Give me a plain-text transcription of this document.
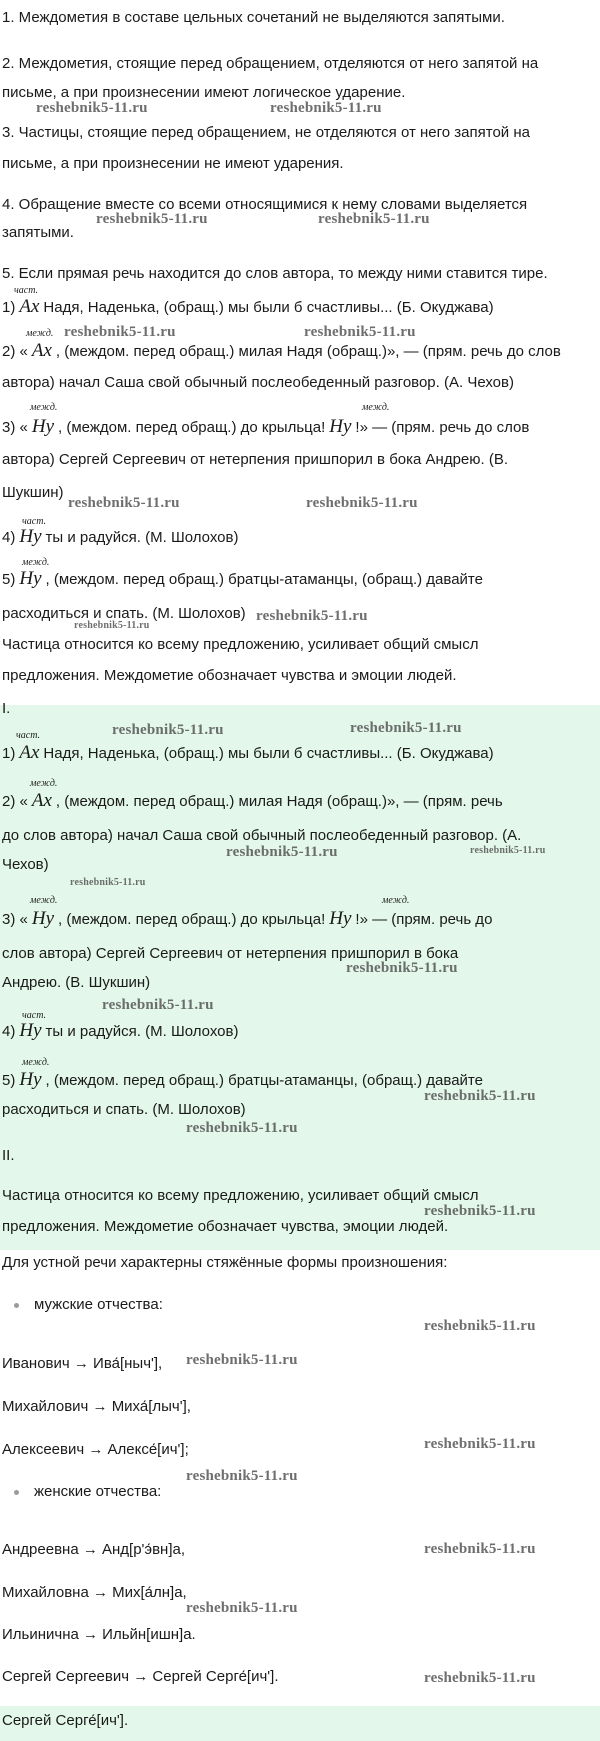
1. Междометия в составе цельных сочетаний не выделяются запятыми.
2. Междометия, стоящие перед обращением, отделяются от него запятой на
письме, а при произнесении имеют логическое ударение.
3. Частицы, стоящие перед обращением, не отделяются от него запятой на
письме, а при произнесении не имеют ударения.
4. Обращение вместе со всеми относящимися к нему словами выделяется
запятыми.
5. Если прямая речь находится до слов автора, то между ними ставится тире.
част.
1) Ах Надя, Наденька, (обращ.) мы были б счастливы... (Б. Окуджава)
межд.
2) « Ах , (междом. перед обращ.) милая Надя (обращ.)», — (прям. речь до слов
автора) начал Саша свой обычный послеобеденный разговор. (А. Чехов)
межд.	межд.
3) « Ну , (междом. перед обращ.) до крыльца! Ну !» — (прям. речь до слов
автора) Сергей Сергеевич от нетерпения пришпорил в бока Андрею. (В.
Шукшин)
част.
4) Ну ты и радуйся. (М. Шолохов)
межд.
5) Ну , (междом. перед обращ.) братцы-атаманцы, (обращ.) давайте
расходиться и спать. (М. Шолохов)
Частица относится ко всему предложению, усиливает общий смысл
предложения. Междометие обозначает чувства и эмоции людей.
I.
част.
1) Ах Надя, Наденька, (обращ.) мы были б счастливы... (Б. Окуджава)
межд.
2) « Ах , (междом. перед обращ.) милая Надя (обращ.)», — (прям. речь
до слов автора) начал Саша свой обычный послеобеденный разговор. (А.
Чехов)
межд.	межд.
3) « Ну , (междом. перед обращ.) до крыльца! Ну !» — (прям. речь до
слов автора) Сергей Сергеевич от нетерпения пришпорил в бока
Андрею. (В. Шукшин)
част.
4) Ну ты и радуйся. (М. Шолохов)
межд.
5) Ну , (междом. перед обращ.) братцы-атаманцы, (обращ.) давайте
расходиться и спать. (М. Шолохов)
II.
Частица относится ко всему предложению, усиливает общий смысл
предложения. Междометие обозначает чувства, эмоции людей.
Для устной речи характерны стяжённые формы произношения:
мужские отчества:
Иванович → Ива́[ныч'],
Михайлович → Миха́[лыч'],
Алексеевич → Алексе́[ич'];
женские отчества:
Андреевна → Анд[р'э́вн]а,
Михайловна → Мих[а́лн]а,
Ильинична → Ильйн[ишн]а.
Сергей Сергеевич → Сергей Серге́[ич'].
Сергей Серге́[ич'].
reshebnik5-11.ru	reshebnik5-11.ru
reshebnik5-11.ru	reshebnik5-11.ru
reshebnik5-11.ru	reshebnik5-11.ru
reshebnik5-11.ru	reshebnik5-11.ru
reshebnik5-11.ru
reshebnik5-11.ru
reshebnik5-11.ru	reshebnik5-11.ru
reshebnik5-11.ru	reshebnik5-11.ru
reshebnik5-11.ru
reshebnik5-11.ru
reshebnik5-11.ru
reshebnik5-11.ru
reshebnik5-11.ru
reshebnik5-11.ru
reshebnik5-11.ru
reshebnik5-11.ru
reshebnik5-11.ru
reshebnik5-11.ru
reshebnik5-11.ru
reshebnik5-11.ru
reshebnik5-11.ru
